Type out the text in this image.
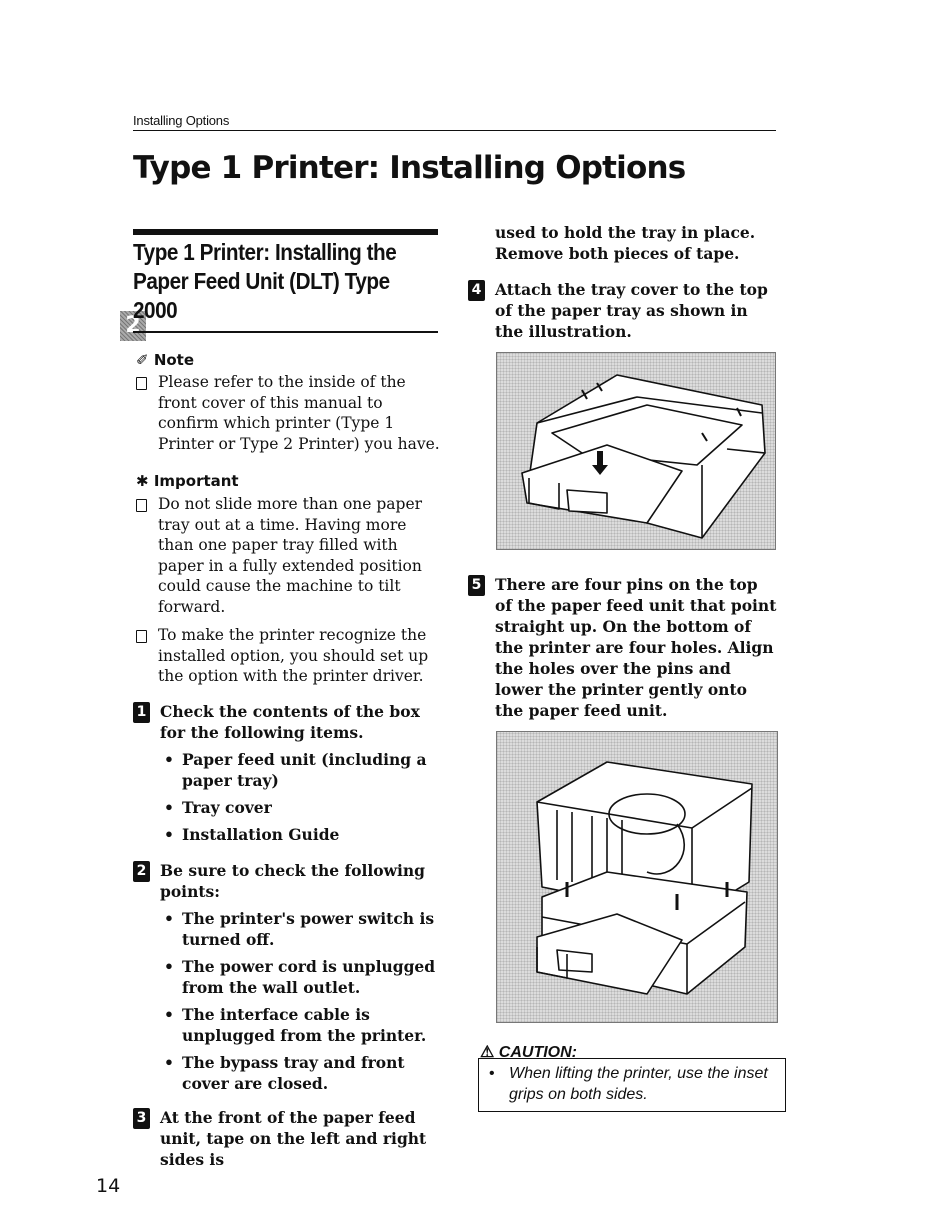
Installing Options
Type 1 Printer: Installing Options
2
Type 1 Printer: Installing the Paper Feed Unit (DLT) Type 2000
✐ Note
Please refer to the inside of the front cover of this manual to confirm which printer (Type 1 Printer or Type 2 Printer) you have.
✱ Important
Do not slide more than one paper tray out at a time. Having more than one paper tray filled with paper in a fully extended position could cause the machine to tilt forward.
To make the printer recognize the installed option, you should set up the option with the printer driver.
1 Check the contents of the box for the following items.
• Paper feed unit (including a paper tray)
• Tray cover
• Installation Guide
2 Be sure to check the following points:
• The printer's power switch is turned off.
• The power cord is unplugged from the wall outlet.
• The interface cable is unplugged from the printer.
• The bypass tray and front cover are closed.
3 At the front of the paper feed unit, tape on the left and right sides is
used to hold the tray in place. Remove both pieces of tape.
4 Attach the tray cover to the top of the paper tray as shown in the illustration.
5 There are four pins on the top of the paper feed unit that point straight up. On the bottom of the printer are four holes. Align the holes over the pins and lower the printer gently onto the paper feed unit.
⚠ CAUTION:
• When lifting the printer, use the inset grips on both sides.
14
